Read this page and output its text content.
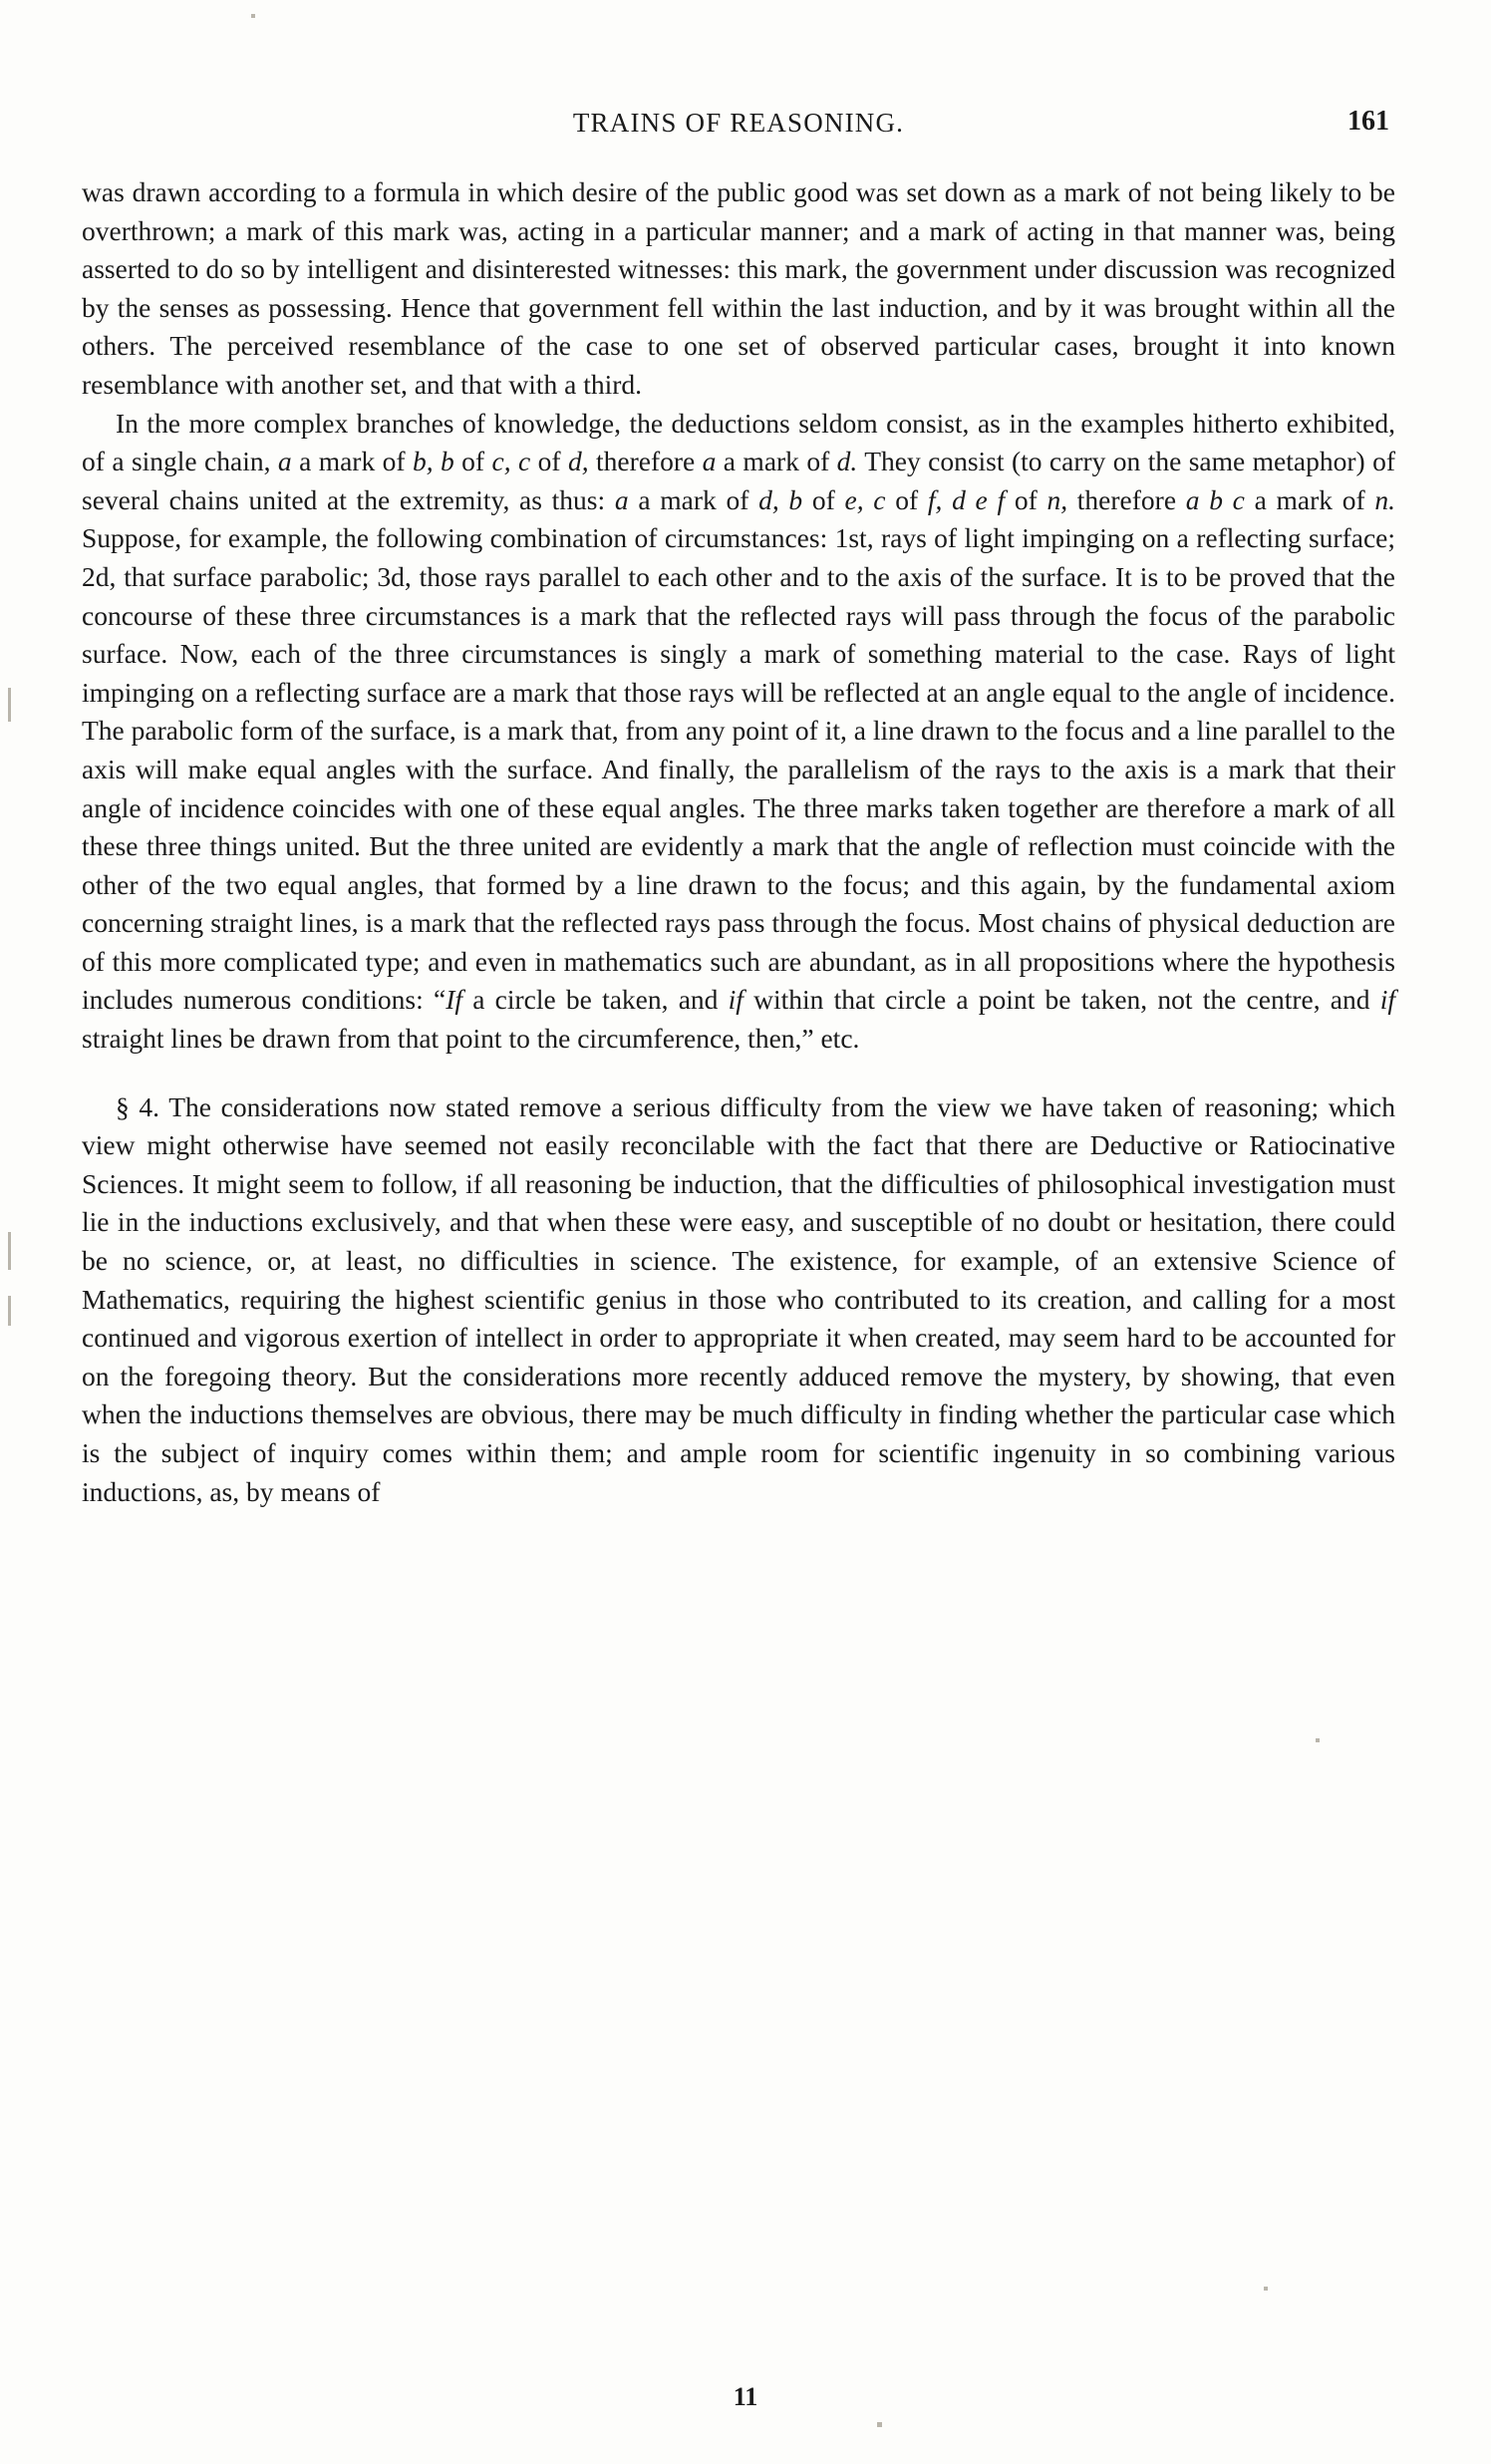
TRAINS OF REASONING.	161

was drawn according to a formula in which desire of the public good was set down as a mark of not being likely to be overthrown; a mark of this mark was, acting in a particular manner; and a mark of acting in that manner was, being asserted to do so by intelligent and disinterested witnesses: this mark, the government under discussion was recognized by the senses as possessing. Hence that government fell within the last induction, and by it was brought within all the others. The perceived resemblance of the case to one set of observed particular cases, brought it into known resemblance with another set, and that with a third.

In the more complex branches of knowledge, the deductions seldom consist, as in the examples hitherto exhibited, of a single chain, a a mark of b, b of c, c of d, therefore a a mark of d. They consist (to carry on the same metaphor) of several chains united at the extremity, as thus: a a mark of d, b of e, c of f, d e f of n, therefore a b c a mark of n. Suppose, for example, the following combination of circumstances: 1st, rays of light impinging on a reflecting surface; 2d, that surface parabolic; 3d, those rays parallel to each other and to the axis of the surface. It is to be proved that the concourse of these three circumstances is a mark that the reflected rays will pass through the focus of the parabolic surface. Now, each of the three circumstances is singly a mark of something material to the case. Rays of light impinging on a reflecting surface are a mark that those rays will be reflected at an angle equal to the angle of incidence. The parabolic form of the surface, is a mark that, from any point of it, a line drawn to the focus and a line parallel to the axis will make equal angles with the surface. And finally, the parallelism of the rays to the axis is a mark that their angle of incidence coincides with one of these equal angles. The three marks taken together are therefore a mark of all these three things united. But the three united are evidently a mark that the angle of reflection must coincide with the other of the two equal angles, that formed by a line drawn to the focus; and this again, by the fundamental axiom concerning straight lines, is a mark that the reflected rays pass through the focus. Most chains of physical deduction are of this more complicated type; and even in mathematics such are abundant, as in all propositions where the hypothesis includes numerous conditions: “If a circle be taken, and if within that circle a point be taken, not the centre, and if straight lines be drawn from that point to the circumference, then,” etc.

§ 4. The considerations now stated remove a serious difficulty from the view we have taken of reasoning; which view might otherwise have seemed not easily reconcilable with the fact that there are Deductive or Ratiocinative Sciences. It might seem to follow, if all reasoning be induction, that the difficulties of philosophical investigation must lie in the inductions exclusively, and that when these were easy, and susceptible of no doubt or hesitation, there could be no science, or, at least, no difficulties in science. The existence, for example, of an extensive Science of Mathematics, requiring the highest scientific genius in those who contributed to its creation, and calling for a most continued and vigorous exertion of intellect in order to appropriate it when created, may seem hard to be accounted for on the foregoing theory. But the considerations more recently adduced remove the mystery, by showing, that even when the inductions themselves are obvious, there may be much difficulty in finding whether the particular case which is the subject of inquiry comes within them; and ample room for scientific ingenuity in so combining various inductions, as, by means of

11
